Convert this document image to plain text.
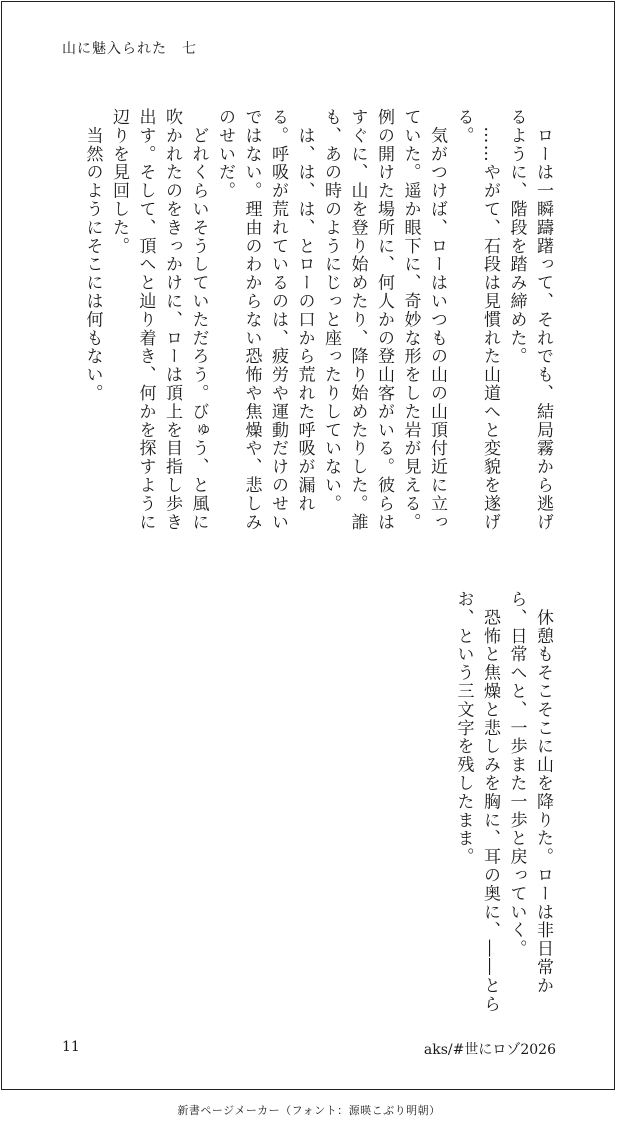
山に魅入られた　七
　ローは一瞬躊躇って、それでも、結局霧から逃げるように、階段を踏み締めた。
　……やがて、石段は見慣れた山道へと変貌を遂げる。
　気がつけば、ローはいつもの山の山頂付近に立っていた。遥か眼下に、奇妙な形をした岩が見える。例の開けた場所に、何人かの登山客がいる。彼らはすぐに、山を登り始めたり、降り始めたりした。誰も、あの時のようにじっと座ったりしていない。
　は、は、は、とローの口から荒れた呼吸が漏れる。呼吸が荒れているのは、疲労や運動だけのせいではない。理由のわからない恐怖や焦燥や、悲しみのせいだ。
　どれくらいそうしていただろう。びゅう、と風に吹かれたのをきっかけに、ローは頂上を目指し歩き出す。そして、頂へと辿り着き、何かを探すように辺りを見回した。
　当然のようにそこには何もない。
　休憩もそこそこに山を降りた。ローは非日常から、日常へと、一歩また一歩と戻っていく。
　恐怖と焦燥と悲しみを胸に、耳の奥に、――とらお、という三文字を残したまま。
11	aks/#世にロゾ2026
新書ページメーカー（フォント：源暎こぶり明朝）
